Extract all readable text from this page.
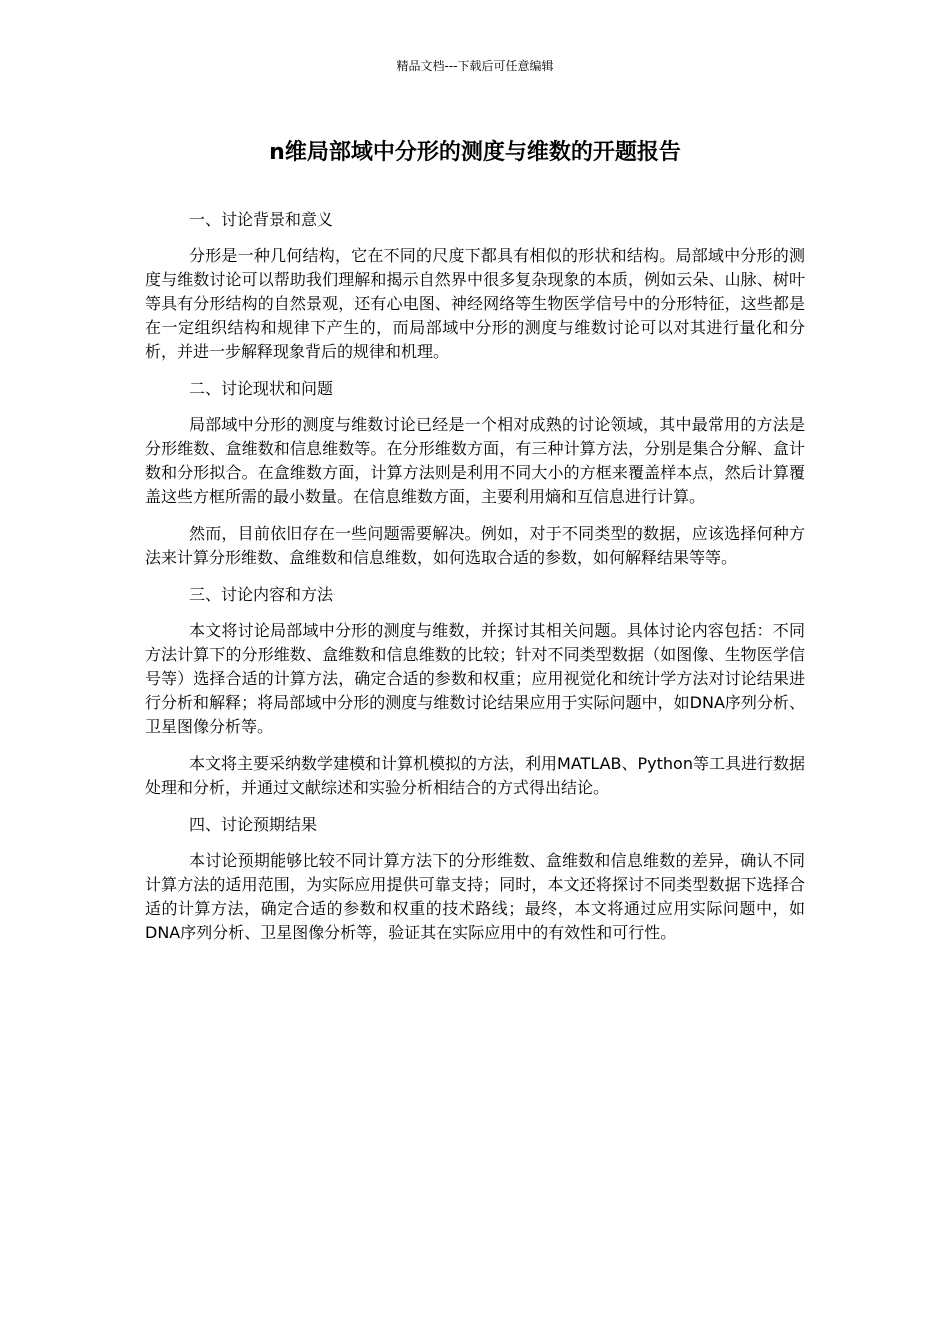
精品文档---下载后可任意编辑
n维局部域中分形的测度与维数的开题报告
一、讨论背景和意义

分形是一种几何结构，它在不同的尺度下都具有相似的形状和结构。局部域中分形的测度与维数讨论可以帮助我们理解和揭示自然界中很多复杂现象的本质，例如云朵、山脉、树叶等具有分形结构的自然景观，还有心电图、神经网络等生物医学信号中的分形特征，这些都是在一定组织结构和规律下产生的，而局部域中分形的测度与维数讨论可以对其进行量化和分析，并进一步解释现象背后的规律和机理。

二、讨论现状和问题

局部域中分形的测度与维数讨论已经是一个相对成熟的讨论领域，其中最常用的方法是分形维数、盒维数和信息维数等。在分形维数方面，有三种计算方法，分别是集合分解、盒计数和分形拟合。在盒维数方面，计算方法则是利用不同大小的方框来覆盖样本点，然后计算覆盖这些方框所需的最小数量。在信息维数方面，主要利用熵和互信息进行计算。

然而，目前依旧存在一些问题需要解决。例如，对于不同类型的数据，应该选择何种方法来计算分形维数、盒维数和信息维数，如何选取合适的参数，如何解释结果等等。

三、讨论内容和方法

本文将讨论局部域中分形的测度与维数，并探讨其相关问题。具体讨论内容包括：不同方法计算下的分形维数、盒维数和信息维数的比较；针对不同类型数据（如图像、生物医学信号等）选择合适的计算方法，确定合适的参数和权重；应用视觉化和统计学方法对讨论结果进行分析和解释；将局部域中分形的测度与维数讨论结果应用于实际问题中，如DNA序列分析、卫星图像分析等。

本文将主要采纳数学建模和计算机模拟的方法，利用MATLAB、Python等工具进行数据处理和分析，并通过文献综述和实验分析相结合的方式得出结论。

四、讨论预期结果

本讨论预期能够比较不同计算方法下的分形维数、盒维数和信息维数的差异，确认不同计算方法的适用范围，为实际应用提供可靠支持；同时，本文还将探讨不同类型数据下选择合适的计算方法，确定合适的参数和权重的技术路线；最终，本文将通过应用实际问题中，如DNA序列分析、卫星图像分析等，验证其在实际应用中的有效性和可行性。
